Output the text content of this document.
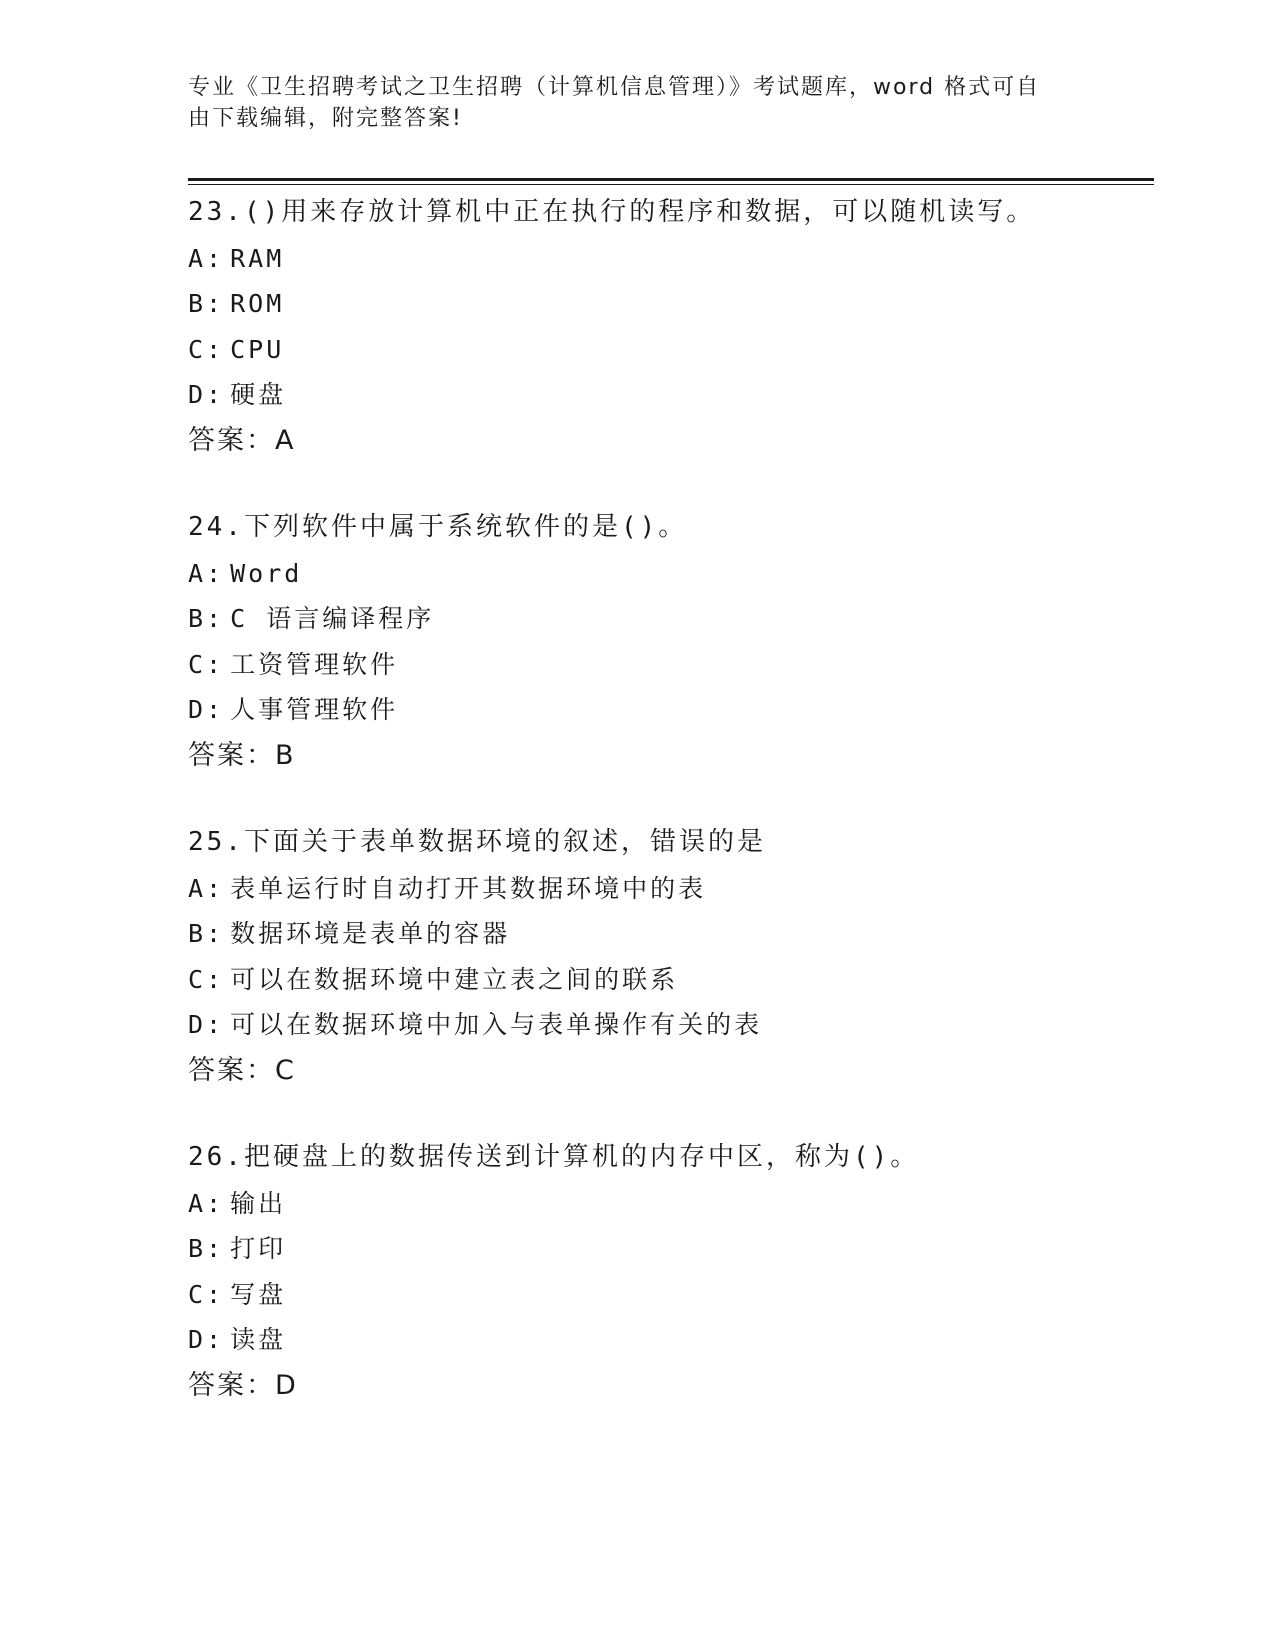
专业《卫生招聘考试之卫生招聘（计算机信息管理）》考试题库，word 格式可自
由下载编辑，附完整答案!
23.()用来存放计算机中正在执行的程序和数据，可以随机读写。
A: RAM
B: ROM
C: CPU
D: 硬盘
答案：A
24.下列软件中属于系统软件的是()。
A: Word
B: C 语言编译程序
C: 工资管理软件
D: 人事管理软件
答案：B
25.下面关于表单数据环境的叙述，错误的是
A: 表单运行时自动打开其数据环境中的表
B: 数据环境是表单的容器
C: 可以在数据环境中建立表之间的联系
D: 可以在数据环境中加入与表单操作有关的表
答案：C
26.把硬盘上的数据传送到计算机的内存中区，称为()。
A: 输出
B: 打印
C: 写盘
D: 读盘
答案：D
